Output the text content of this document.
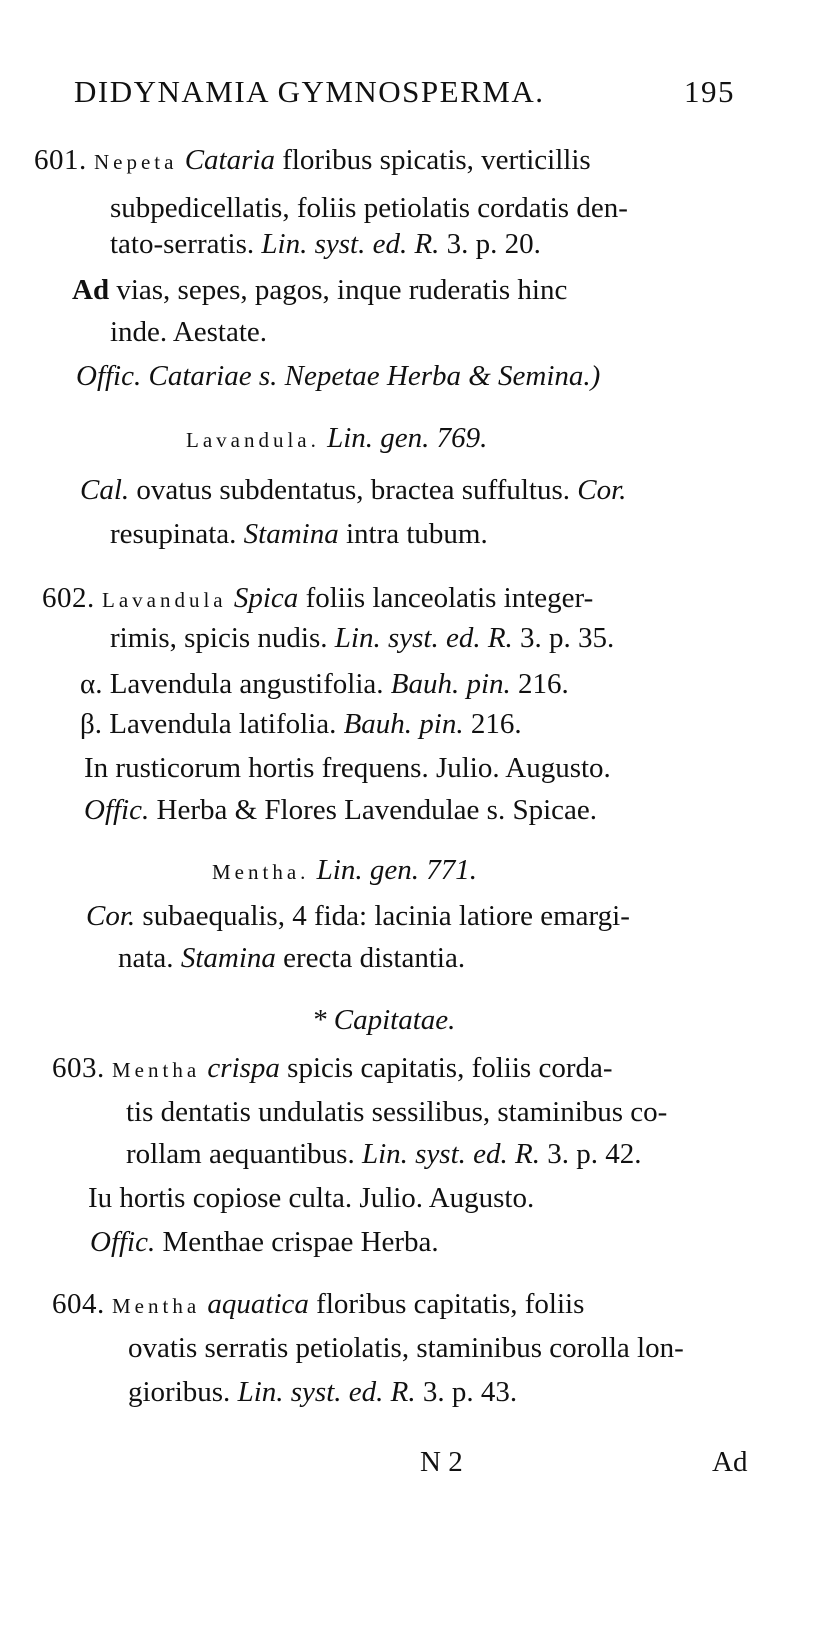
DIDYNAMIA GYMNOSPERMA.	195
601. Nepeta Cataria floribus spicatis, verticillis
subpedicellatis, foliis petiolatis cordatis den-
tato-serratis. Lin. syst. ed. R. 3. p. 20.
Ad vias, sepes, pagos, inque ruderatis hinc
inde. Aestate.
Offic. Catariae s. Nepetae Herba & Semina.)
Lavandula. Lin. gen. 769.
Cal. ovatus subdentatus, bractea suffultus. Cor.
resupinata. Stamina intra tubum.
602. Lavandula Spica foliis lanceolatis integer-
rimis, spicis nudis. Lin. syst. ed. R. 3. p. 35.
α. Lavendula angustifolia. Bauh. pin. 216.
β. Lavendula latifolia. Bauh. pin. 216.
In rusticorum hortis frequens. Julio. Augusto.
Offic. Herba & Flores Lavendulae s. Spicae.
Mentha. Lin. gen. 771.
Cor. subaequalis, 4 fida: lacinia latiore emargi-
nata. Stamina erecta distantia.
* Capitatae.
603. Mentha crispa spicis capitatis, foliis corda-
tis dentatis undulatis sessilibus, staminibus co-
rollam aequantibus. Lin. syst. ed. R. 3. p. 42.
Iu hortis copiose culta. Julio. Augusto.
Offic. Menthae crispae Herba.
604. Mentha aquatica floribus capitatis, foliis
ovatis serratis petiolatis, staminibus corolla lon-
gioribus. Lin. syst. ed. R. 3. p. 43.
N 2	Ad
